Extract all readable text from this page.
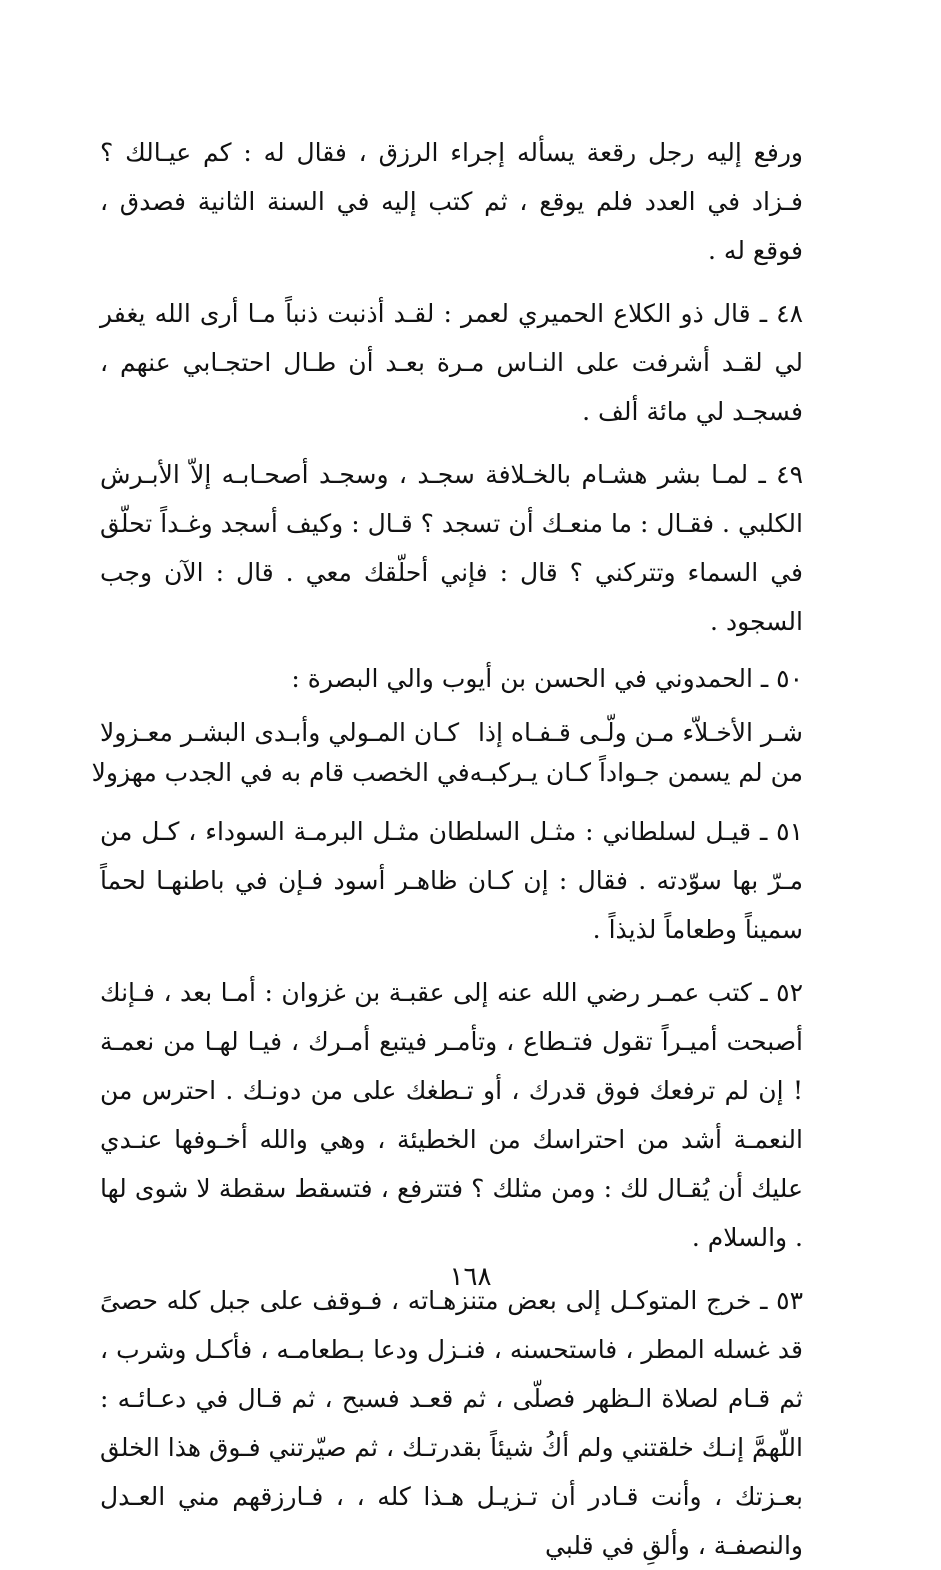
ورفع إليه رجل رقعة يسأله إجراء الرزق ، فقال له : كم عيـالك ؟ فـزاد في العدد فلم يوقع ، ثم كتب إليه في السنة الثانية فصدق ، فوقع له .

٤٨ ـ قال ذو الكلاع الحميري لعمر : لقـد أذنبت ذنباً مـا أرى الله يغفر لي لقـد أشرفت على النـاس مـرة بعـد أن طـال احتجـابي عنهم ، فسجـد لي مائة ألف .

٤٩ ـ لمـا بشر هشـام بالخـلافة سجـد ، وسجـد أصحـابـه إلاّ الأبـرش الكلبي . فقـال : ما منعـك أن تسجد ؟ قـال : وكيف أسجد وغـداً تحلّق في السماء وتتركني ؟ قال : فإني أحلّقك معي . قال : الآن وجب السجود .

٥٠ ـ الحمدوني في الحسن بن أيوب والي البصرة :

شـر الأخـلاّء مـن ولّـى قـفـاه إذا
كـان المـولي وأبـدى البشـر معـزولا
من لم يسمن جـواداً كـان يـركبـه
في الخصب قام به في الجدب مهزولا

٥١ ـ قيـل لسلطاني : مثـل السلطان مثـل البرمـة السوداء ، كـل من مـرّ بها سوّدته . فقال : إن كـان ظاهـر أسود فـإن في باطنهـا لحماً سميناً وطعاماً لذيذاً .

٥٢ ـ كتب عمـر رضي الله عنه إلى عقبـة بن غزوان : أمـا بعد ، فـإنك أصبحت أميـراً تقول فتـطاع ، وتأمـر فيتبع أمـرك ، فيـا لهـا من نعمـة ! إن لم ترفعك فوق قدرك ، أو تـطغك على من دونـك . احترس من النعمـة أشد من احتراسك من الخطيئة ، وهي والله أخـوفها عنـدي عليك أن يُقـال لك : ومن مثلك ؟ فتترفع ، فتسقط سقطة لا شوى لها . والسلام .

٥٣ ـ خرج المتوكـل إلى بعض متنزهـاته ، فـوقف على جبل كله حصىً قد غسله المطر ، فاستحسنه ، فنـزل ودعا بـطعامـه ، فأكـل وشرب ، ثم قـام لصلاة الـظهر فصلّى ، ثم قعـد فسبح ، ثم قـال في دعـائـه : اللّهمَّ إنـك خلقتني ولم أكُ شيئاً بقدرتـك ، ثم صيّرتني فـوق هذا الخلق بعـزتك ، وأنت قـادر أن تـزيـل هـذا كله ، ، فـارزقهم مني العـدل والنصفـة ، وألقِ في قلبي

١٦٨
